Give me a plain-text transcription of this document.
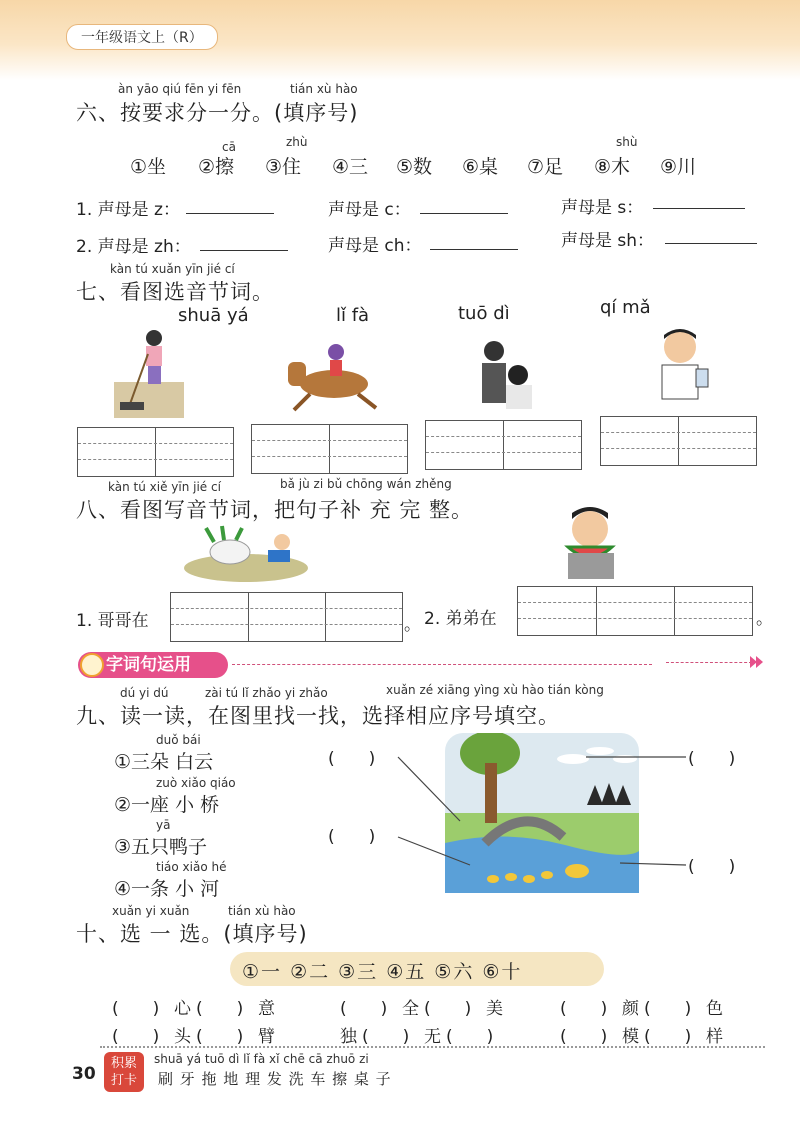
一年级语文上（R）
àn yāo qiú fēn yi fēn	tián xù hào
六、按要求分一分。(填序号)
cā	zhù	shù
①坐 ②擦 ③住 ④三 ⑤数 ⑥桌 ⑦足 ⑧木 ⑨川
1. 声母是 z：	声母是 c：	声母是 s：
2. 声母是 zh：	声母是 ch：	声母是 sh：
kàn tú xuǎn yīn jié cí
七、看图选音节词。
shuā yá	lǐ fà	tuō dì	qí mǎ
kàn tú xiě yīn jié cí	bǎ jù zi bǔ chōng wán zhěng
八、看图写音节词，把句子补 充 完 整。
1. 哥哥在	。 2. 弟弟在	。
字词句运用
dú yi dú	zài tú lǐ zhǎo yi zhǎo	xuǎn zé xiāng yìng xù hào tián kòng
九、读一读，在图里找一找，选择相应序号填空。
duǒ bái
①三朵 白云
zuò xiǎo qiáo
②一座 小 桥
yā
③五只鸭子
tiáo xiǎo hé
④一条 小 河
(　　)
(　　)
(　　)
(　　)
xuǎn yi xuǎn	tián xù hào
十、选 一 选。(填序号)
①一 ②二 ③三 ④五 ⑤六 ⑥十
(　　) 心 (　　) 意	(　　) 全 (　　) 美	(　　) 颜 (　　) 色
(　　) 头 (　　) 臂	独 (　　) 无 (　　)	(　　) 模 (　　) 样
30
积累
打卡
shuā yá tuō dì lǐ fà xǐ chē cā zhuō zi
刷 牙 拖 地 理 发 洗 车 擦 桌 子
